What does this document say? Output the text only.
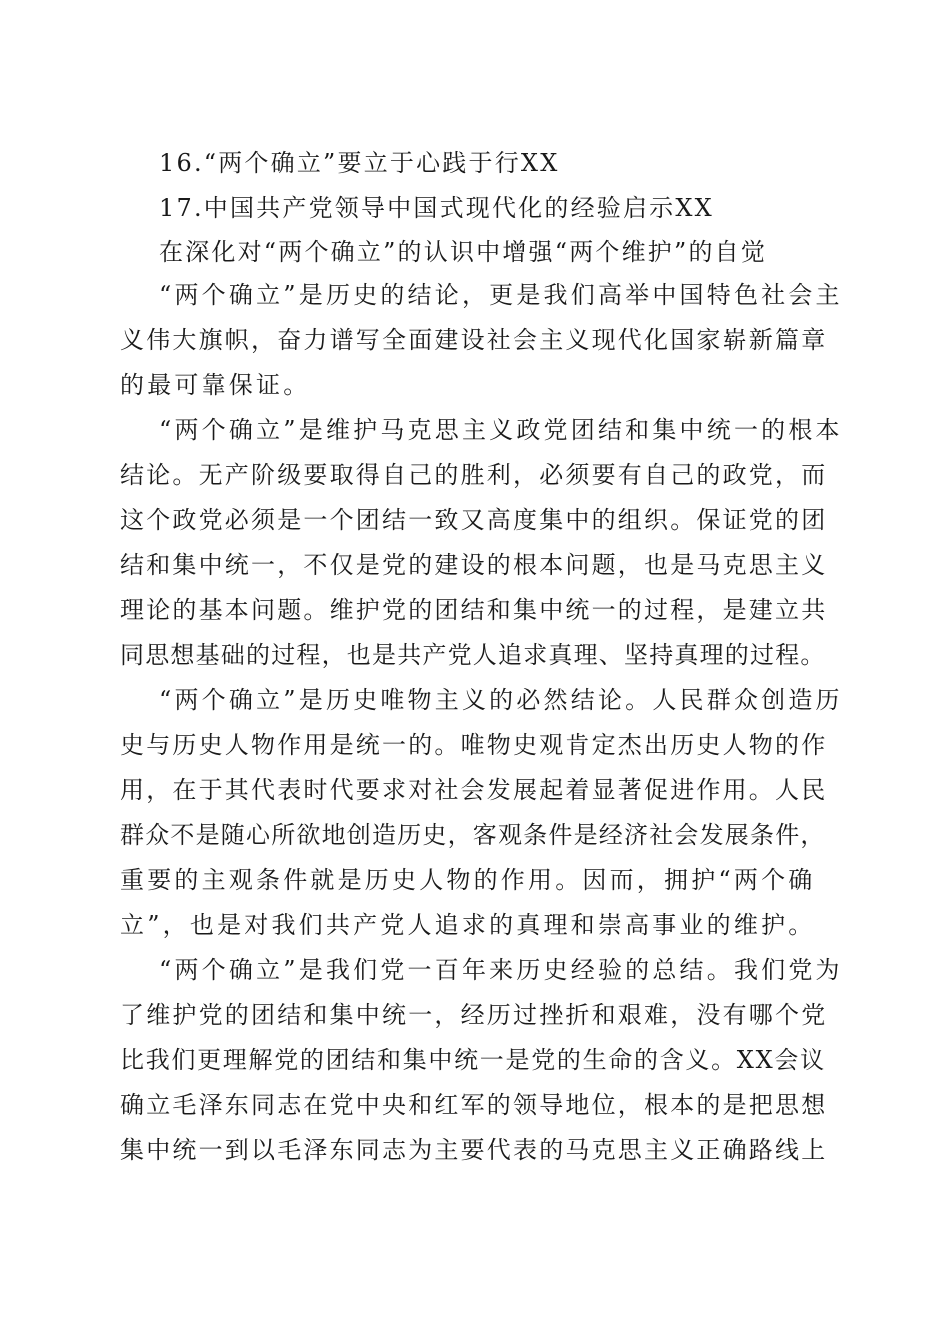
16.“两个确立”要立于心践于行XX
17.中国共产党领导中国式现代化的经验启示XX
在深化对“两个确立”的认识中增强“两个维护”的自觉
“两个确立”是历史的结论，更是我们高举中国特色社会主
义伟大旗帜，奋力谱写全面建设社会主义现代化国家崭新篇章
的最可靠保证。
“两个确立”是维护马克思主义政党团结和集中统一的根本
结论。无产阶级要取得自己的胜利，必须要有自己的政党，而
这个政党必须是一个团结一致又高度集中的组织。保证党的团
结和集中统一，不仅是党的建设的根本问题，也是马克思主义
理论的基本问题。维护党的团结和集中统一的过程，是建立共
同思想基础的过程，也是共产党人追求真理、坚持真理的过程。
“两个确立”是历史唯物主义的必然结论。人民群众创造历
史与历史人物作用是统一的。唯物史观肯定杰出历史人物的作
用，在于其代表时代要求对社会发展起着显著促进作用。人民
群众不是随心所欲地创造历史，客观条件是经济社会发展条件，
重要的主观条件就是历史人物的作用。因而，拥护“两个确
立”，也是对我们共产党人追求的真理和崇高事业的维护。
“两个确立”是我们党一百年来历史经验的总结。我们党为
了维护党的团结和集中统一，经历过挫折和艰难，没有哪个党
比我们更理解党的团结和集中统一是党的生命的含义。XX会议
确立毛泽东同志在党中央和红军的领导地位，根本的是把思想
集中统一到以毛泽东同志为主要代表的马克思主义正确路线上
